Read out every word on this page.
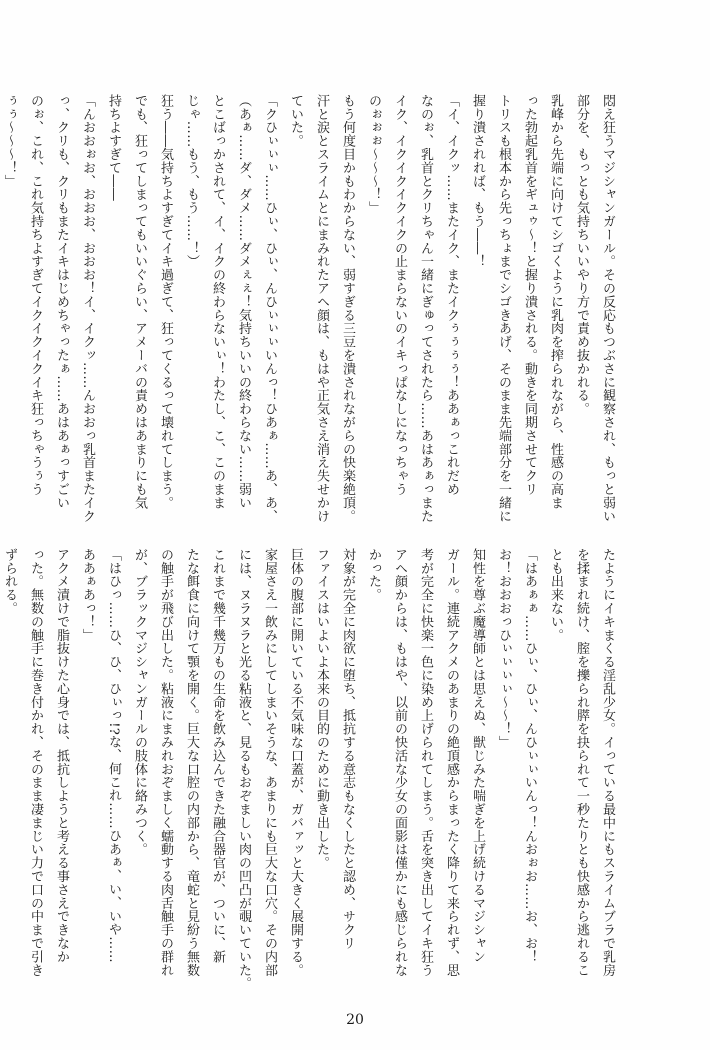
悶え狂うマジシャンガール。その反応もつぶさに観察され、もっと弱い
部分を、もっとも気持ちいいやり方で責め抜かれる。
乳峰から先端に向けてシゴくように乳肉を搾られながら、性感の高ま
った勃起乳首をギュゥ〜！と握り潰される。動きを同期させてクリ
トリスも根本から先っちょまでシゴきあげ、そのまま先端部分を一緒に
握り潰されれば、もう――！
「イ、イクッ……またイク、またイクぅぅぅぅ！ああぁっこれだめ
なのぉ、乳首とクリちゃん一緒にぎゅってされたら……あはあぁっまた
イク、イクイクイクイクの止まらないのイキっぱなしになっちゃう
のぉぉぉ〜〜〜！」
もう何度目かもわからない、弱すぎる三豆を潰されながらの快楽絶頂。
汗と涙とスライムとにまみれたアヘ顔は、もはや正気さえ消え失せかけ
ていた。
「クひぃぃぃ……ひぃ、ひぃ、んひぃぃぃいんっ！ひあぁ……あ、あ、
（あぁ……ダ、ダメ……ダメぇぇ！気持ちいいの終わらない……弱い
とこばっかされて、イ、イクの終わらないぃ！わたし、こ、このまま
じゃ……もう、もう……！）
狂う――気持ちよすぎてイキ過ぎて、狂ってくるって壊れてしまう。
でも、狂ってしまってもいいぐらい、アメーバの責めはあまりにも気
持ちよすぎて――
「んおおぉお、おおお、おおお！イ、イクッ……んおおっ乳首またイク
っ、クリも、クリもまたイキはじめちゃったぁ……あはあぁっすごい
のぉ、これ、これ気持ちよすぎてイクイクイクイキ狂っちゃうぅう
ぅぅ〜〜〜！」
たようにイキまくる淫乱少女。イっている最中にもスライムブラで乳房
を揉まれ続け、腟を擽られ膵を抉られて一秒たりとも快感から逃れるこ
とも出来ない。
「はあぁぁ……ひぃ、ひぃ、んひぃぃいんっ！んおぉお……お、お！
お！おおおっひぃぃぃぃ〜〜！」
知性を尊ぶ魔導師とは思えぬ、獣じみた喘ぎを上げ続けるマジシャン
ガール。連続アクメのあまりの絶頂感からまったく降りて来られず、思
考が完全に快楽一色に染め上げられてしまう。舌を突き出してイキ狂う
アヘ顔からは、もはや、以前の快活な少女の面影は僅かにも感じられな
かった。
対象が完全に肉欲に堕ち、抵抗する意志もなくしたと認め、サクリ
ファイスはいよいよ本来の目的のために動き出した。
巨体の腹部に開いている不気味な口蓋が、ガバァッと大きく展開する。
家屋さえ一飲みにしてしまいそうな、あまりにも巨大な口穴。その内部
には、ヌラヌラと光る粘液と、見るもおぞましい肉の凹凸が覗いていた。
これまで幾千幾万もの生命を飲み込んできた融合器官が、ついに、新
たな餌食に向けて顎を開く。巨大な口腔の内部から、竜蛇と見紛う無数
の触手が飛び出した。粘液にまみれおぞましく蠕動する肉舌触手の群れ
が、ブラックマジシャンガールの肢体に絡みつく。
「はひっ……ひ、ひ、ひぃっ!?な、何これ……ひあぁ、い、いや……
ああぁあっ！」
アクメ漬けで脂抜けた心身では、抵抗しようと考える事さえできなか
った。無数の触手に巻き付かれ、そのまま凄まじい力で口の中まで引き
ずられる。
20
